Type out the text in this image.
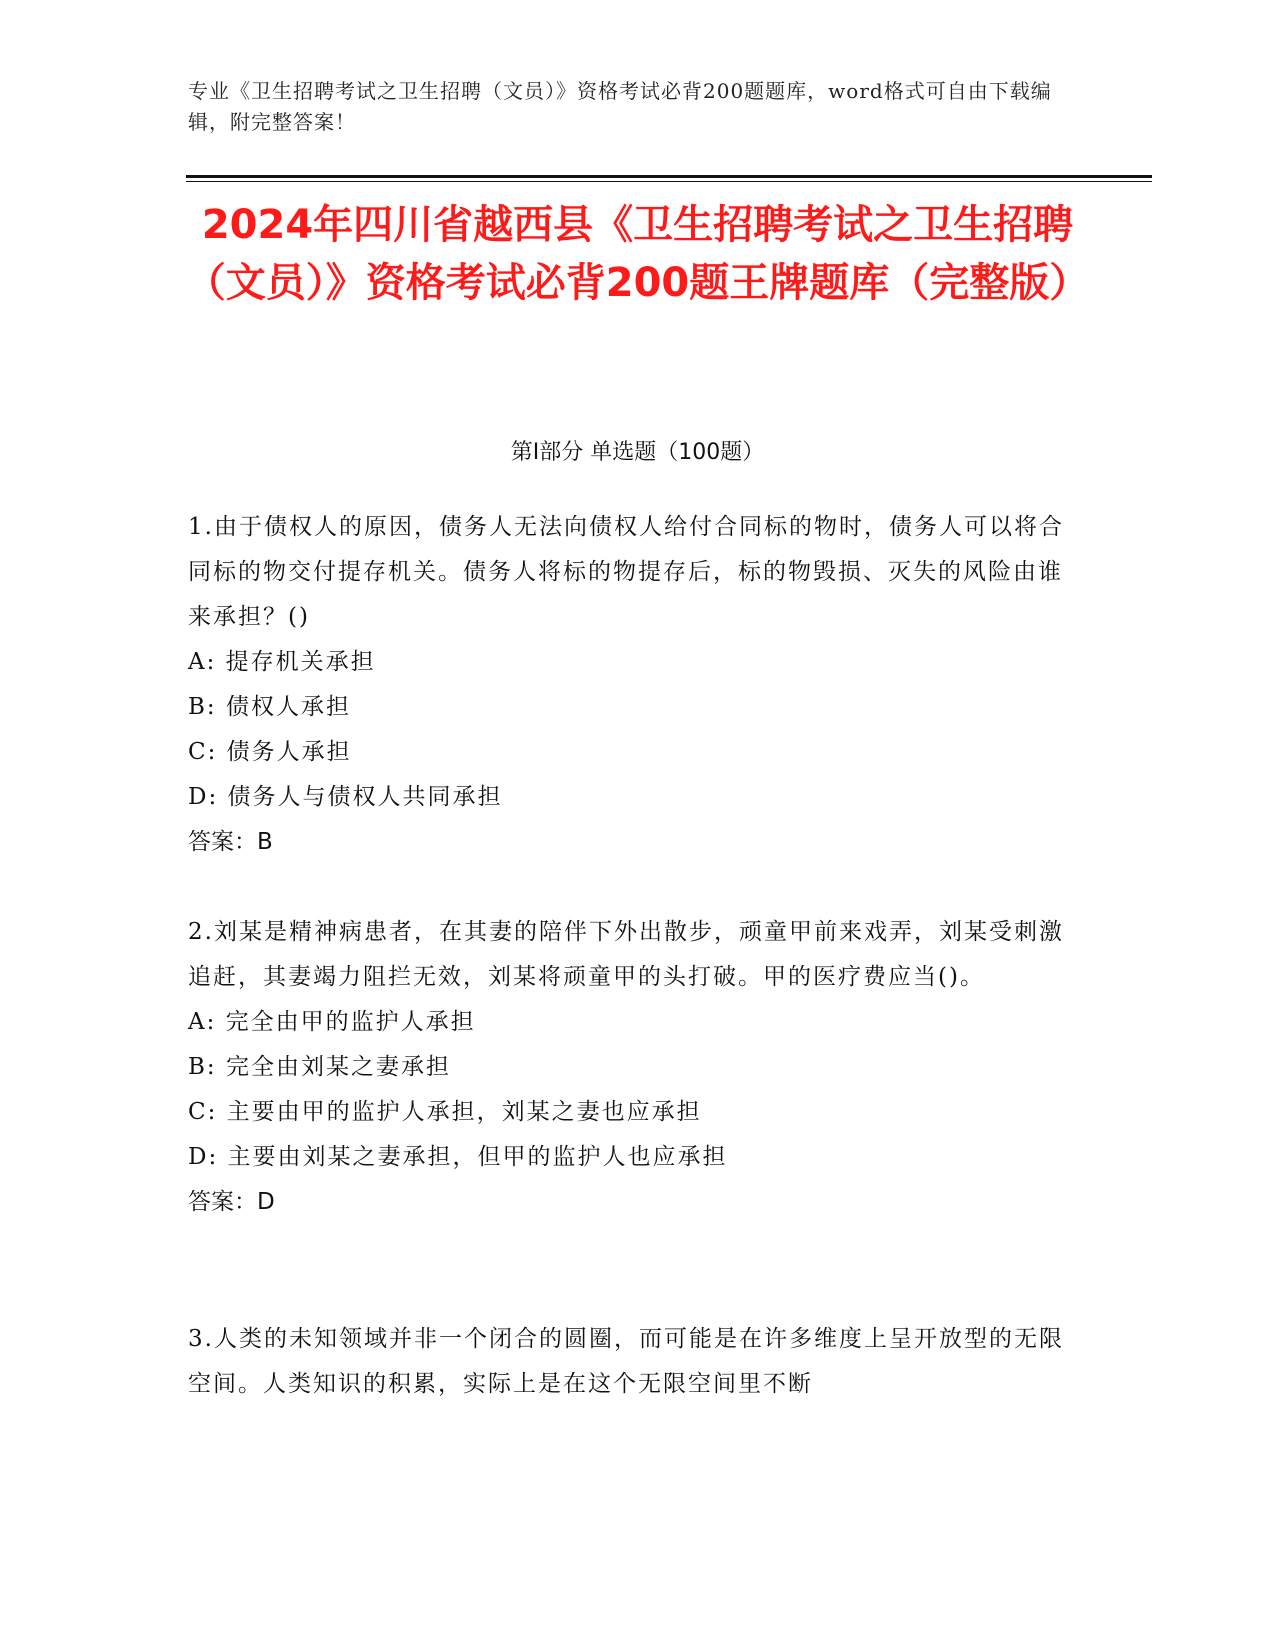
专业《卫生招聘考试之卫生招聘（文员）》资格考试必背200题题库，word格式可自由下载编辑，附完整答案！
2024年四川省越西县《卫生招聘考试之卫生招聘（文员）》资格考试必背200题王牌题库（完整版）
第Ⅰ部分 单选题（100题）

1.由于债权人的原因，债务人无法向债权人给付合同标的物时，债务人可以将合同标的物交付提存机关。债务人将标的物提存后，标的物毁损、灭失的风险由谁来承担？()

A: 提存机关承担

B: 债权人承担

C: 债务人承担

D: 债务人与债权人共同承担

答案：B

2.刘某是精神病患者，在其妻的陪伴下外出散步，顽童甲前来戏弄，刘某受刺激追赶，其妻竭力阻拦无效，刘某将顽童甲的头打破。甲的医疗费应当()。

A: 完全由甲的监护人承担

B: 完全由刘某之妻承担

C: 主要由甲的监护人承担，刘某之妻也应承担

D: 主要由刘某之妻承担，但甲的监护人也应承担

答案：D

3.人类的未知领域并非一个闭合的圆圈，而可能是在许多维度上呈开放型的无限空间。人类知识的积累，实际上是在这个无限空间里不断
